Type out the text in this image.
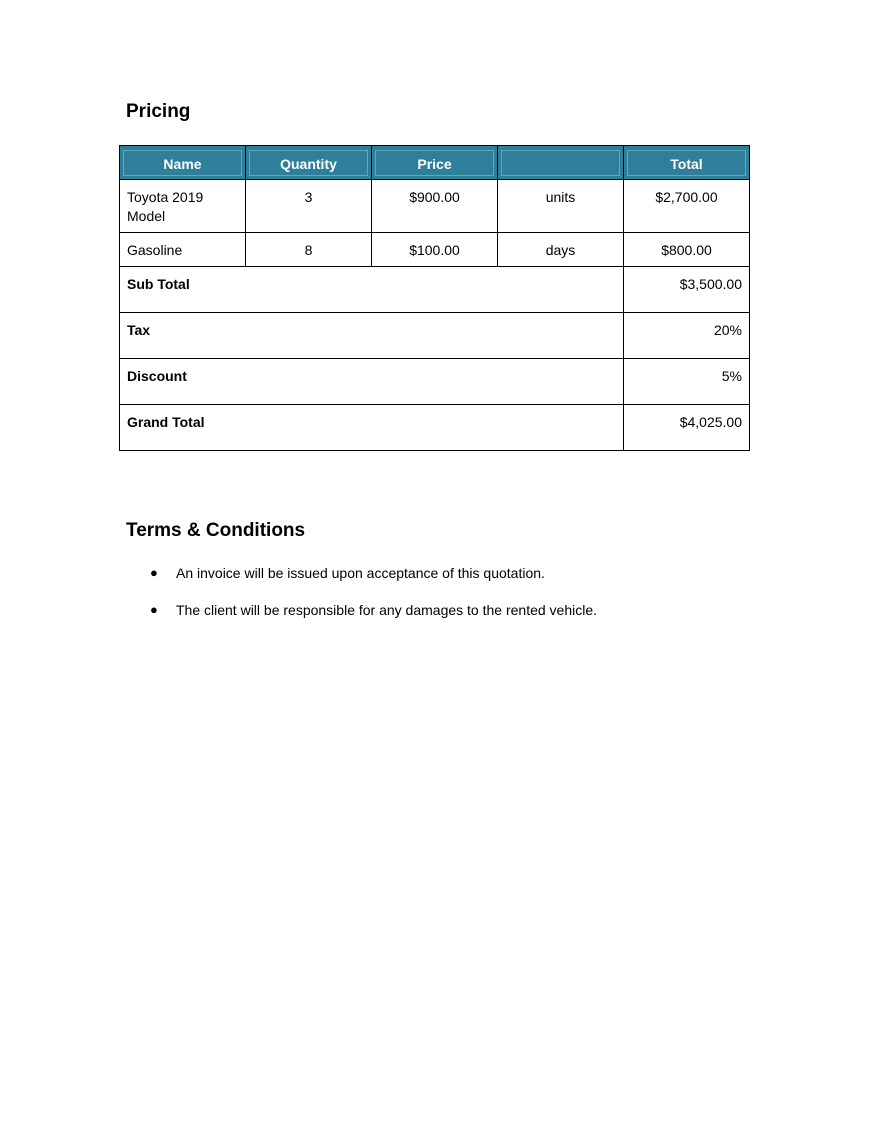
Pricing
Name	Quantity	Price		Total

Toyota 2019 Model	3	$900.00	units	$2,700.00
Gasoline	8	$100.00	days	$800.00
Sub Total				$3,500.00
Tax				20%
Discount				5%
Grand Total				$4,025.00
Terms & Conditions
● An invoice will be issued upon acceptance of this quotation.
● The client will be responsible for any damages to the rented vehicle.
